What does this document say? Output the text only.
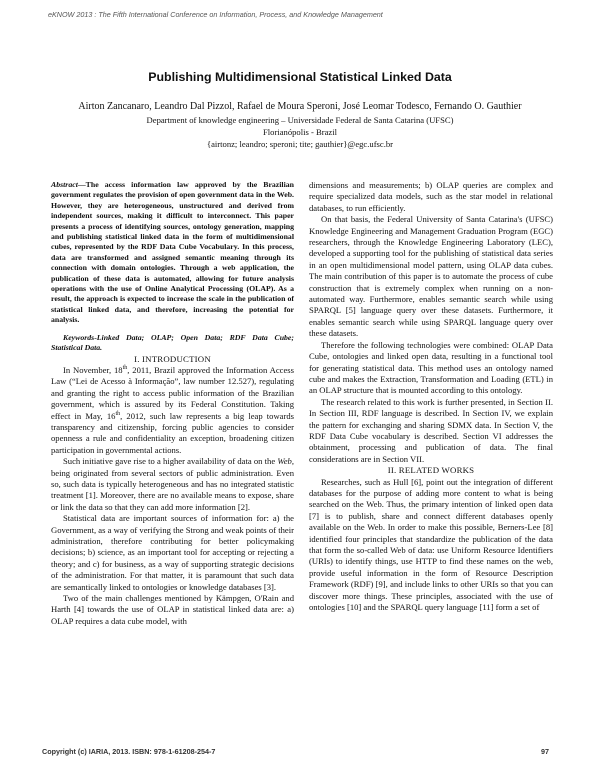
eKNOW 2013 : The Fifth International Conference on Information, Process, and Knowledge Management
Publishing Multidimensional Statistical Linked Data
Airton Zancanaro, Leandro Dal Pizzol, Rafael de Moura Speroni, José Leomar Todesco, Fernando O. Gauthier
Department of knowledge engineering – Universidade Federal de Santa Catarina (UFSC)
Florianópolis - Brazil
{airtonz; leandro; speroni; tite; gauthier}@egc.ufsc.br

Abstract—The access information law approved by the Brazilian government regulates the provision of open government data in the Web. However, they are heterogeneous, unstructured and derived from independent sources, making it difficult to interconnect. This paper presents a process of identifying sources, ontology generation, mapping and publishing statistical linked data in the form of multidimensional cubes, represented by the RDF Data Cube Vocabulary. In this process, data are transformed and assigned semantic meaning through its connection with domain ontologies. Through a web application, the publication of these data is automated, allowing for future analysis operations with the use of Online Analytical Processing (OLAP). As a result, the approach is expected to increase the scale in the publication of statistical linked data, and therefore, increasing the potential for analysis.

Keywords-Linked Data; OLAP; Open Data; RDF Data Cube; Statistical Data.

I. INTRODUCTION

In November, 18th, 2011, Brazil approved the Information Access Law (“Lei de Acesso à Informação”, law number 12.527), regulating and granting the right to access public information of the Brazilian government, which is assured by its Federal Constitution. Taking effect in May, 16th, 2012, such law represents a big leap towards transparency and citizenship, forcing public agencies to consider openness a rule and confidentiality an exception, broadening citizen participation in governmental actions.

Such initiative gave rise to a higher availability of data on the Web, being originated from several sectors of public administration. Even so, such data is typically heterogeneous and has no integrated statistic treatment [1]. Moreover, there are no available means to expose, share or link the data so that they can add more information [2].

Statistical data are important sources of information for: a) the Government, as a way of verifying the Strong and weak points of their administration, therefore contributing for better policymaking decisions; b) science, as an important tool for accepting or rejecting a theory; and c) for business, as a way of supporting strategic decisions of the administration. For that matter, it is paramount that such data are semantically linked to ontologies or knowledge databases [3].

Two of the main challenges mentioned by Kämpgen, O'Rain and Harth [4] towards the use of OLAP in statistical linked data are: a) OLAP requires a data cube model, with

dimensions and measurements; b) OLAP queries are complex and require specialized data models, such as the star model in relational databases, to run efficiently.

On that basis, the Federal University of Santa Catarina's (UFSC) Knowledge Engineering and Management Graduation Program (EGC) researchers, through the Knowledge Engineering Laboratory (LEC), developed a supporting tool for the publishing of statistical data series in an open multidimensional model pattern, using OLAP data cubes. The main contribution of this paper is to automate the process of cube construction that is extremely complex when running on a non-automated way. Furthermore, enables semantic search while using SPARQL [5] language query over these datasets. Furthermore, it enables semantic search while using SPARQL language query over these datasets.

Therefore the following technologies were combined: OLAP Data Cube, ontologies and linked open data, resulting in a functional tool for generating statistical data. This method uses an ontology named cube and makes the Extraction, Transformation and Loading (ETL) in an OLAP structure that is mounted according to this ontology.

The research related to this work is further presented, in Section II. In Section III, RDF language is described. In Section IV, we explain the pattern for exchanging and sharing SDMX data. In Section V, the RDF Data Cube vocabulary is described. Section VI addresses the obtainment, processing and publication of data. The final considerations are in Section VII.

II. RELATED WORKS

Researches, such as Hull [6], point out the integration of different databases for the purpose of adding more content to what is being searched on the Web. Thus, the primary intention of linked open data [7] is to publish, share and connect different databases openly available on the Web. In order to make this possible, Berners-Lee [8] identified four principles that standardize the publication of the data that form the so-called Web of data: use Uniform Resource Identifiers (URIs) to identify things, use HTTP to find these names on the web, provide useful information in the form of Resource Description Framework (RDF) [9], and include links to other URIs so that you can discover more things. These principles, associated with the use of ontologies [10] and the SPARQL query language [11] form a set of

Copyright (c) IARIA, 2013. ISBN: 978-1-61208-254-7	97
